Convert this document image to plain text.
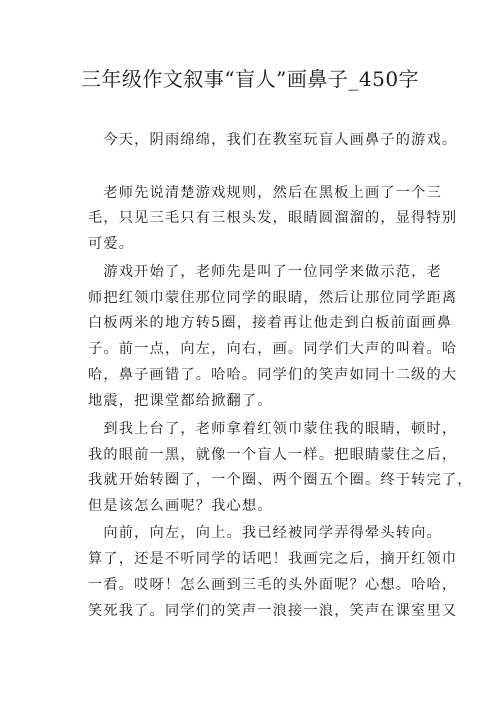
三年级作文叙事“盲人”画鼻子_450字
　今天，阴雨绵绵，我们在教室玩盲人画鼻子的游戏。
　老师先说清楚游戏规则，然后在黑板上画了一个三
毛，只见三毛只有三根头发，眼睛圆溜溜的，显得特别
可爱。
　游戏开始了，老师先是叫了一位同学来做示范，老
师把红领巾蒙住那位同学的眼睛，然后让那位同学距离
白板两米的地方转5圈，接着再让他走到白板前面画鼻
子。前一点，向左，向右，画。同学们大声的叫着。哈
哈，鼻子画错了。哈哈。同学们的笑声如同十二级的大
地震，把课堂都给掀翻了。
　到我上台了，老师拿着红领巾蒙住我的眼睛，顿时，
我的眼前一黑，就像一个盲人一样。把眼睛蒙住之后，
我就开始转圈了，一个圈、两个圈五个圈。终于转完了，
但是该怎么画呢？我心想。
　向前，向左，向上。我已经被同学弄得晕头转向。
算了，还是不听同学的话吧！我画完之后，摘开红领巾
一看。哎呀！怎么画到三毛的头外面呢？心想。哈哈，
笑死我了。同学们的笑声一浪接一浪，笑声在课室里又
